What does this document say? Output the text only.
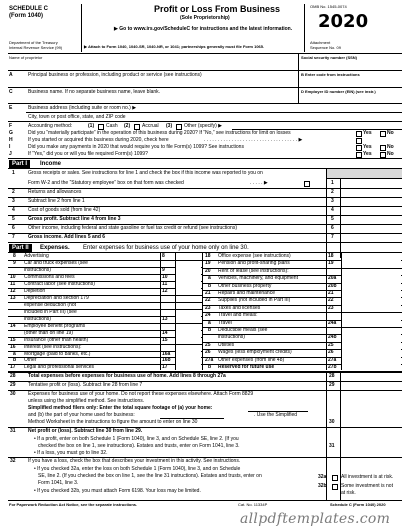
SCHEDULE C
(Form 1040)
Department of the Treasury
Internal Revenue Service (99)
Profit or Loss From Business
(Sole Proprietorship)
▶ Go to www.irs.gov/ScheduleC for instructions and the latest information.
▶ Attach to Form 1040, 1040-SR, 1040-NR, or 1041; partnerships generally must file Form 1065.
OMB No. 1545-0074
2020
Attachment
Sequence No. 09
Name of proprietor	Social security number (SSN)
A	Principal business or profession, including product or service (see instructions)	B Enter code from instructions
C	Business name. If no separate business name, leave blank.	D Employer ID number (EIN) (see instr.)
E	Business address (including suite or room no.) ▶
City, town or post office, state, and ZIP code
F	Accounting method:	(1) Cash (2) Accrual (3) Other (specify) ▶
G	Did you “materially participate” in the operation of this business during 2020? If “No,” see instructions for limit on losses	Yes	No
H	If you started or acquired this business during 2020, check here	. . . . . . . . . . . . . . . . . . . . . . . . . . . . . . . . . . ▶
I	Did you make any payments in 2020 that would require you to file Form(s) 1099? See instructions	Yes	No
J	If “Yes,” did you or will you file required Form(s) 1099?	Yes	No
Part I	Income
1	Gross receipts or sales. See instructions for line 1 and check the box if this income was reported to you on
Form W-2 and the “Statutory employee” box on that form was checked	. . . . . ▶	1
2	Returns and allowances	2
3	Subtract line 2 from line 1	3
4	Cost of goods sold (from line 42)	4
5	Gross profit. Subtract line 4 from line 3	5
6	Other income, including federal and state gasoline or fuel tax credit or refund (see instructions)	6
7	Gross income. Add lines 5 and 6	7
Part II	Expenses. Enter expenses for business use of your home only on line 30.
28 Total expenses before expenses for business use of home. Add lines 8 through 27a	28
29 Tentative profit or (loss). Subtract line 28 from line 7	29
30 Expenses for business use of your home. Do not report these expenses elsewhere. Attach Form 8829
unless using the simplified method. See instructions.
Simplified method filers only: Enter the total square footage of (a) your home:
and (b) the part of your home used for business:	. Use the Simplified
Method Worksheet in the instructions to figure the amount to enter on line 30	30
31 Net profit or (loss). Subtract line 30 from line 29.
• If a profit, enter on both Schedule 1 (Form 1040), line 3, and on Schedule SE, line 2. (If you
checked the box on line 1, see instructions). Estates and trusts, enter on Form 1041, line 3.
• If a loss, you must go to line 32.
31
32 If you have a loss, check the box that describes your investment in this activity. See instructions.
• If you checked 32a, enter the loss on both Schedule 1 (Form 1040), line 3, and on Schedule
SE, line 2. (If you checked the box on line 1, see the line 31 instructions). Estates and trusts, enter on
Form 1041, line 3.
• If you checked 32b, you must attach Form 6198. Your loss may be limited.
32a	All investment is at risk.
32b	Some investment is not
at risk.
For Paperwork Reduction Act Notice, see the separate instructions.	Cat. No. 11334P	Schedule C (Form 1040) 2020
allpdftemplates.com
8 Advertising	8
9 Car and truck expenses (see
instructions)	9
10 Commissions and fees	10
11 Contract labor (see instructions)	11
12 Depletion	12
13 Depreciation and section 179
expense deduction (not
included in Part III) (see
instructions)	13
14 Employee benefit programs
(other than on line 19)	14
15 Insurance (other than health)	15
16 Interest (see instructions):
a Mortgage (paid to banks, etc.)	16a
b Other	16b
17 Legal and professional services	17
18 Office expense (see instructions)	18
19 Pension and profit-sharing plans	19
20 Rent or lease (see instructions):
a Vehicles, machinery, and equipment	20a
b Other business property	20b
21 Repairs and maintenance	21
22 Supplies (not included in Part III)	22
23 Taxes and licenses	23
24 Travel and meals:
a Travel	24a
b Deductible meals (see
instructions)	24b
25 Utilities	25
26 Wages (less employment credits)	26
27a Other expenses (from line 48)	27a
b Reserved for future use	27b
